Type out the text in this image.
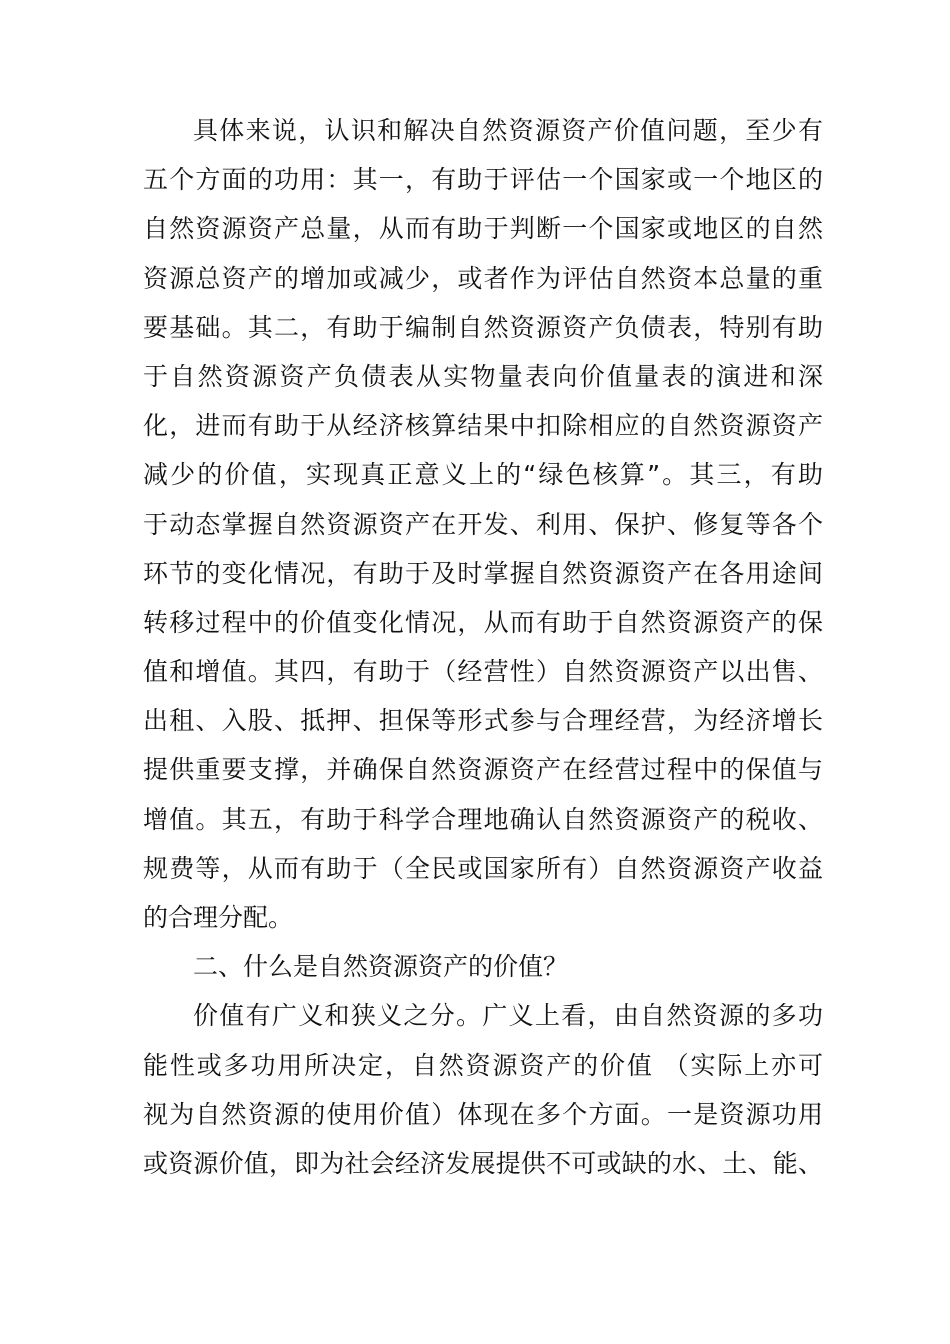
具体来说，认识和解决自然资源资产价值问题，至少有
五个方面的功用：其一，有助于评估一个国家或一个地区的
自然资源资产总量，从而有助于判断一个国家或地区的自然
资源总资产的增加或减少，或者作为评估自然资本总量的重
要基础。其二，有助于编制自然资源资产负债表，特别有助
于自然资源资产负债表从实物量表向价值量表的演进和深
化，进而有助于从经济核算结果中扣除相应的自然资源资产
减少的价值，实现真正意义上的“绿色核算”。其三，有助
于动态掌握自然资源资产在开发、利用、保护、修复等各个
环节的变化情况，有助于及时掌握自然资源资产在各用途间
转移过程中的价值变化情况，从而有助于自然资源资产的保
值和增值。其四，有助于（经营性）自然资源资产以出售、
出租、入股、抵押、担保等形式参与合理经营，为经济增长
提供重要支撑，并确保自然资源资产在经营过程中的保值与
增值。其五，有助于科学合理地确认自然资源资产的税收、
规费等，从而有助于（全民或国家所有）自然资源资产收益
的合理分配。
二、什么是自然资源资产的价值？
价值有广义和狭义之分。广义上看，由自然资源的多功
能性或多功用所决定，自然资源资产的价值 （实际上亦可
视为自然资源的使用价值）体现在多个方面。一是资源功用
或资源价值，即为社会经济发展提供不可或缺的水、土、能、
